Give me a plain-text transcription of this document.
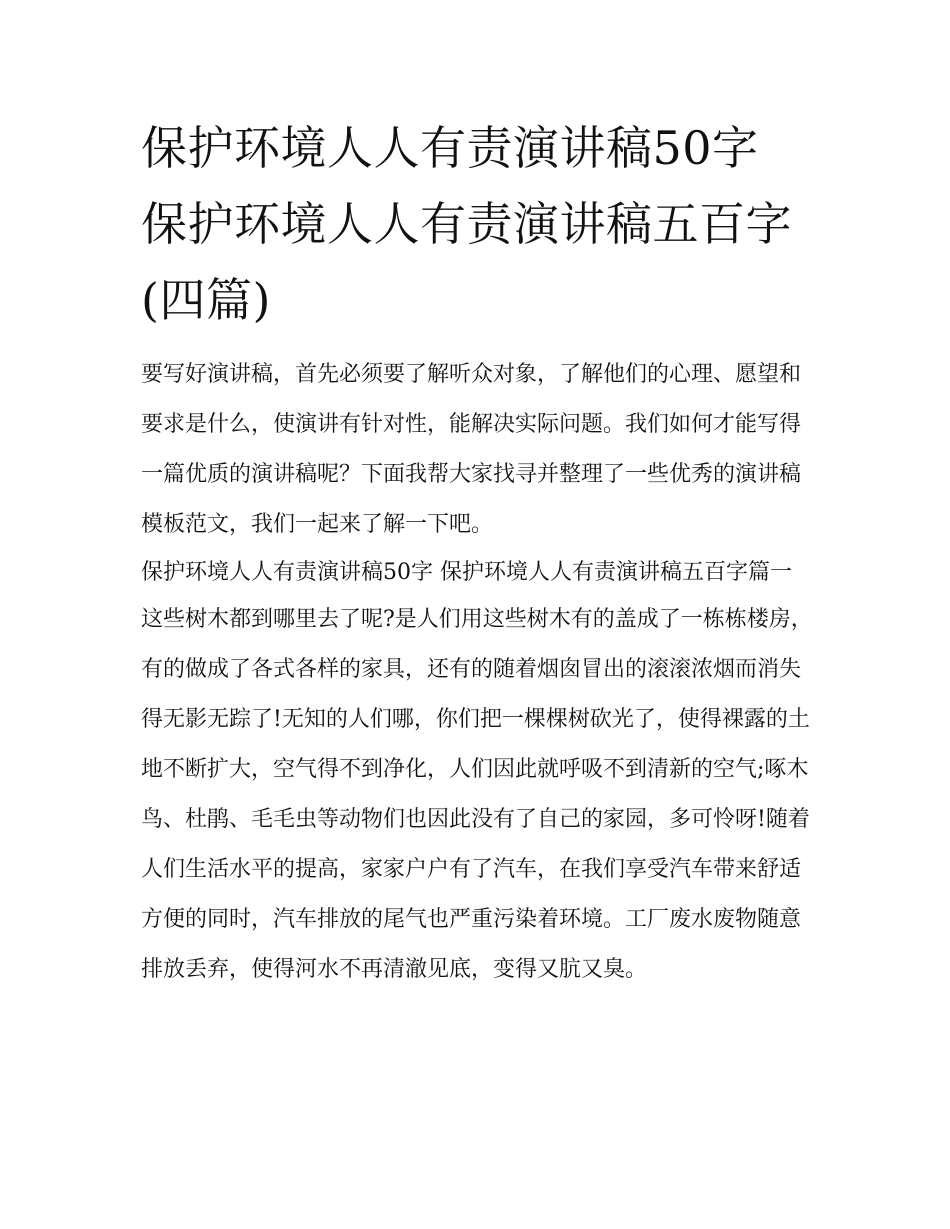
保护环境人人有责演讲稿50字 保护环境人人有责演讲稿五百字(四篇)

要写好演讲稿，首先必须要了解听众对象，了解他们的心理、愿望和要求是什么，使演讲有针对性，能解决实际问题。我们如何才能写得一篇优质的演讲稿呢？下面我帮大家找寻并整理了一些优秀的演讲稿模板范文，我们一起来了解一下吧。

保护环境人人有责演讲稿50字 保护环境人人有责演讲稿五百字篇一

这些树木都到哪里去了呢?是人们用这些树木有的盖成了一栋栋楼房，有的做成了各式各样的家具，还有的随着烟囱冒出的滚滚浓烟而消失得无影无踪了!无知的人们哪，你们把一棵棵树砍光了，使得裸露的土地不断扩大，空气得不到净化，人们因此就呼吸不到清新的空气;啄木鸟、杜鹃、毛毛虫等动物们也因此没有了自己的家园，多可怜呀!随着人们生活水平的提高，家家户户有了汽车，在我们享受汽车带来舒适方便的同时，汽车排放的尾气也严重污染着环境。工厂废水废物随意排放丢弃，使得河水不再清澈见底，变得又肮又臭。
